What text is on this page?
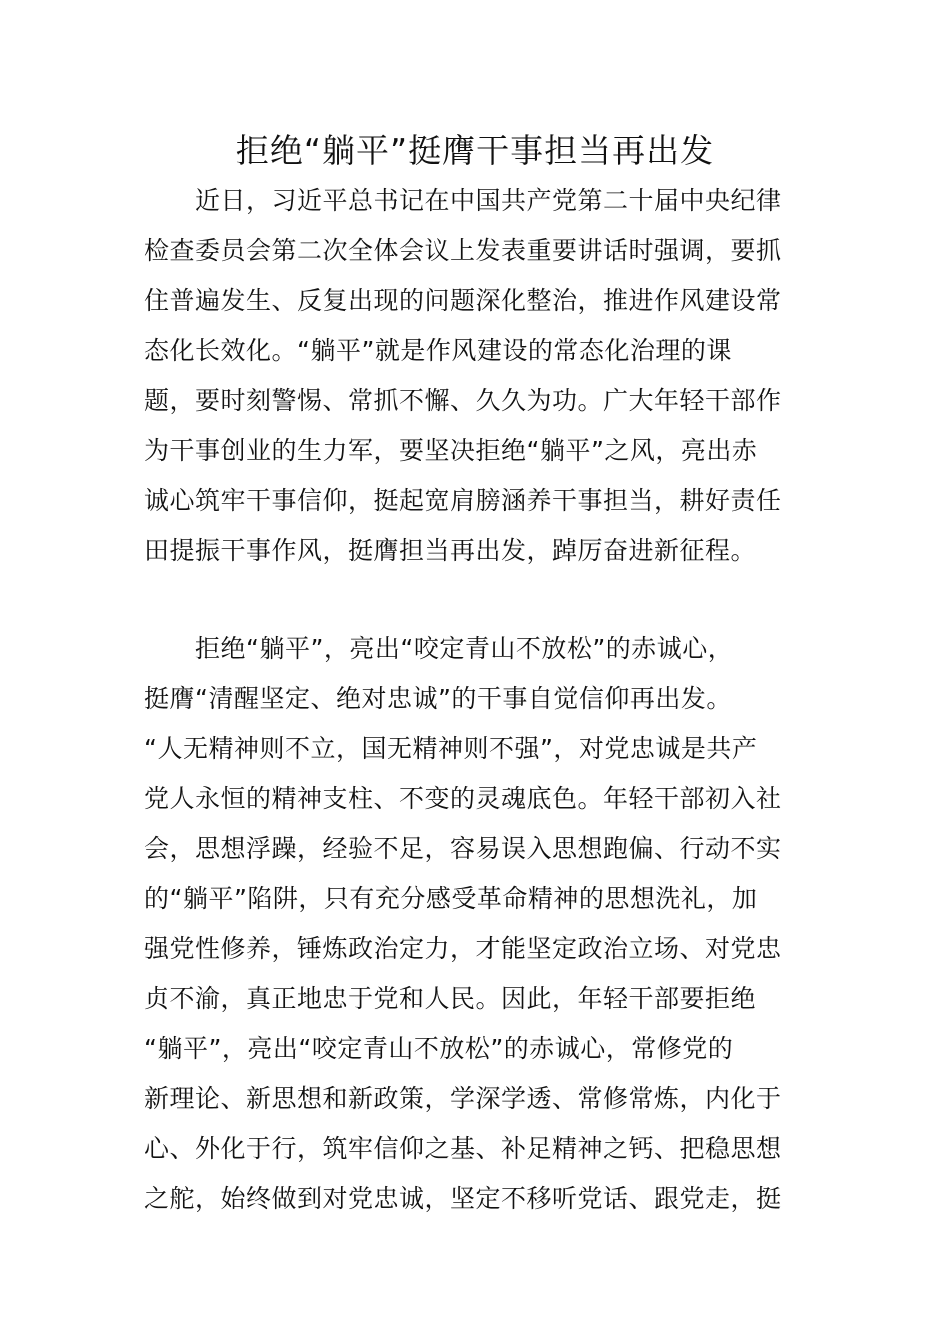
拒绝“躺平”挺膺干事担当再出发
近日，习近平总书记在中国共产党第二十届中央纪律
检查委员会第二次全体会议上发表重要讲话时强调，要抓
住普遍发生、反复出现的问题深化整治，推进作风建设常
态化长效化。“躺平”就是作风建设的常态化治理的课
题，要时刻警惕、常抓不懈、久久为功。广大年轻干部作
为干事创业的生力军，要坚决拒绝“躺平”之风，亮出赤
诚心筑牢干事信仰，挺起宽肩膀涵养干事担当，耕好责任
田提振干事作风，挺膺担当再出发，踔厉奋进新征程。
拒绝“躺平”，亮出“咬定青山不放松”的赤诚心，
挺膺“清醒坚定、绝对忠诚”的干事自觉信仰再出发。
“人无精神则不立，国无精神则不强”，对党忠诚是共产
党人永恒的精神支柱、不变的灵魂底色。年轻干部初入社
会，思想浮躁，经验不足，容易误入思想跑偏、行动不实
的“躺平”陷阱，只有充分感受革命精神的思想洗礼，加
强党性修养，锤炼政治定力，才能坚定政治立场、对党忠
贞不渝，真正地忠于党和人民。因此，年轻干部要拒绝
“躺平”，亮出“咬定青山不放松”的赤诚心，常修党的
新理论、新思想和新政策，学深学透、常修常炼，内化于
心、外化于行，筑牢信仰之基、补足精神之钙、把稳思想
之舵，始终做到对党忠诚，坚定不移听党话、跟党走，挺
